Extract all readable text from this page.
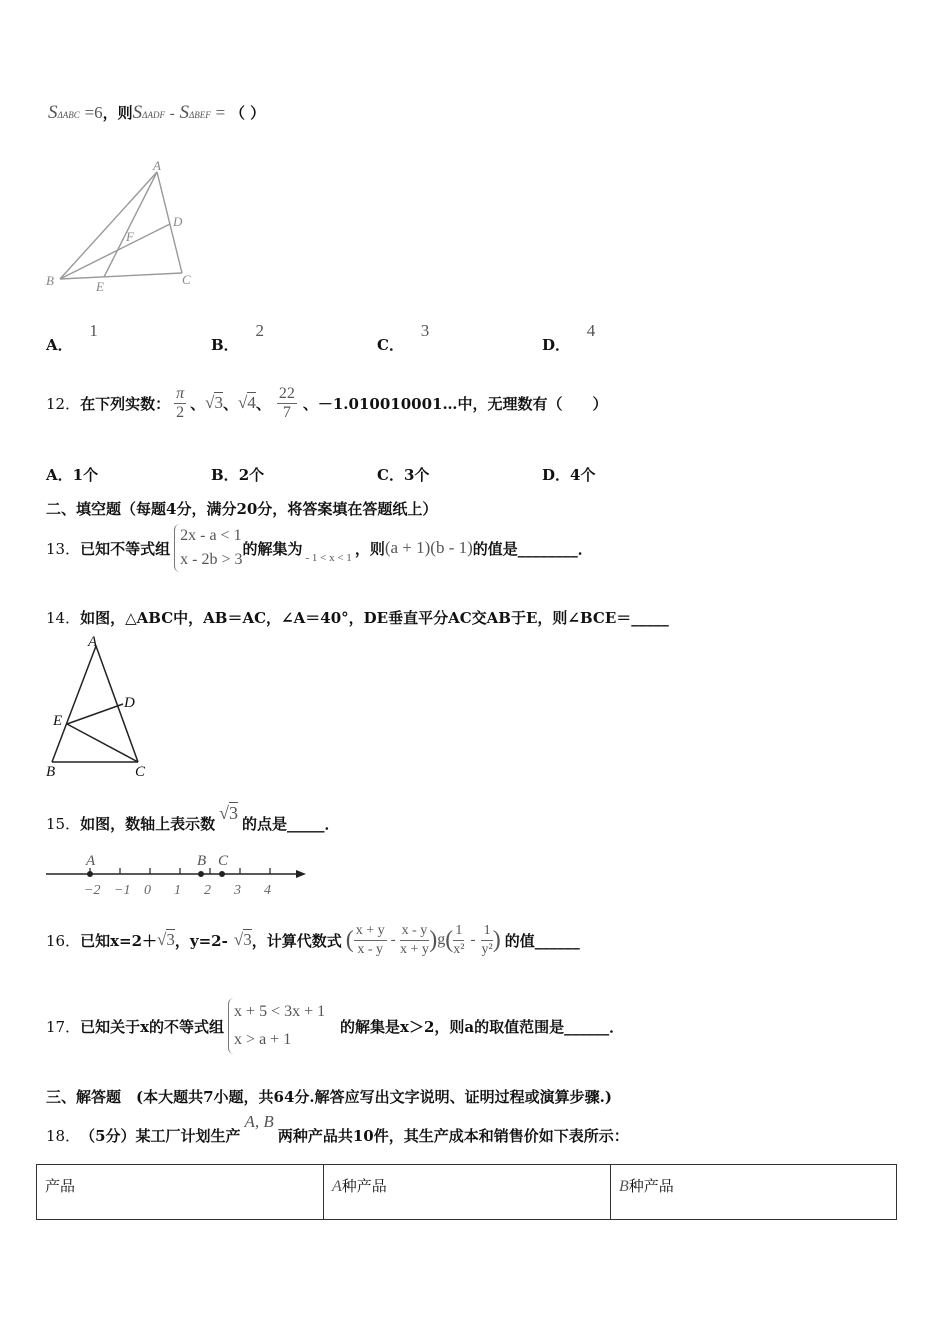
SΔABC =6，则SΔADF - SΔBEF = （ ）
A
B	C
D
E
F
A． 1
B． 2
C． 3
D． 4
12． 在下列实数： $\frac{\pi}{2}$ 、 √3 、 √4 、 $\frac{22}{7}$ 、－1.010010001…中，无理数有（　　）
A．1个	B．2个	C．3个	D．4个
二、填空题（每题4分，满分20分，将答案填在答题纸上）
13． 已知不等式组
2x - a < 1
x - 2b > 3
的解集为
- 1 < x < 1
，则 (a + 1)(b - 1) 的值是________．
14．如图，△ABC中，AB＝AC，∠A＝40°，DE垂直平分AC交AB于E，则∠BCE＝_____
A
B	C
D
E
15． 如图，数轴上表示数
√3
的点是_____．
−2 −1 0 1 2 3 4
A	B C
16． 已知x=2＋ √3 ，y=2- √3 ，计算代数式 ( $\frac{x + y}{x - y} - \frac{x - y}{x + y}$ ) g ( $\frac{1}{\text{x²}} - \frac{1}{\text{y²}}$ ) 的值______
17． 已知关于x的不等式组
x + 5 < 3x + 1
x > a + 1
的解集是x＞2，则a的取值范围是______．
三、解答题　(本大题共7小题，共64分.解答应写出文字说明、证明过程或演算步骤.)
18． （5分）某工厂计划生产
A, B
两种产品共10件，其生产成本和销售价如下表所示：
产品	A种产品	B种产品
